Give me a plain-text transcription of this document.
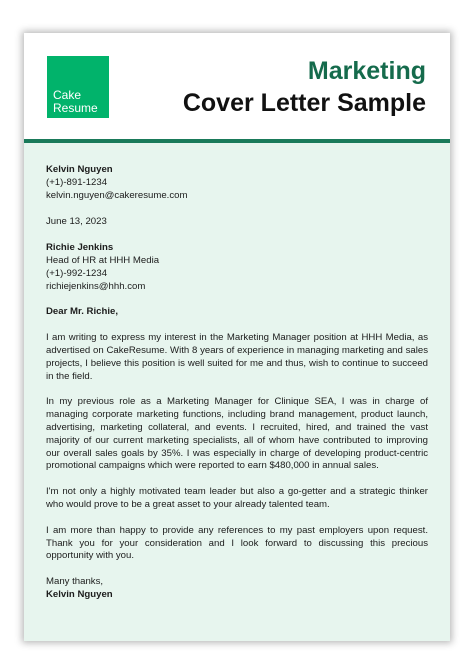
Cake
Resume
Marketing
Cover Letter Sample

Kelvin Nguyen

(+1)-891-1234

kelvin.nguyen@cakeresume.com

June 13, 2023

Richie Jenkins

Head of HR at HHH Media

(+1)-992-1234

richiejenkins@hhh.com

Dear Mr. Richie,

I am writing to express my interest in the Marketing Manager position at HHH Media, as advertised on CakeResume. With 8 years of experience in managing marketing and sales projects, I believe this position is well suited for me and thus, wish to continue to succeed in the field.

In my previous role as a Marketing Manager for Clinique SEA, I was in charge of managing corporate marketing functions, including brand management, product launch, advertising, marketing collateral, and events. I recruited, hired, and trained the vast majority of our current marketing specialists, all of whom have contributed to improving our overall sales goals by 35%. I was especially in charge of developing product-centric promotional campaigns which were reported to earn $480,000 in annual sales.

I'm not only a highly motivated team leader but also a go-getter and a strategic thinker who would prove to be a great asset to your already talented team.

I am more than happy to provide any references to my past employers upon request. Thank you for your consideration and I look forward to discussing this precious opportunity with you.

Many thanks,

Kelvin Nguyen
